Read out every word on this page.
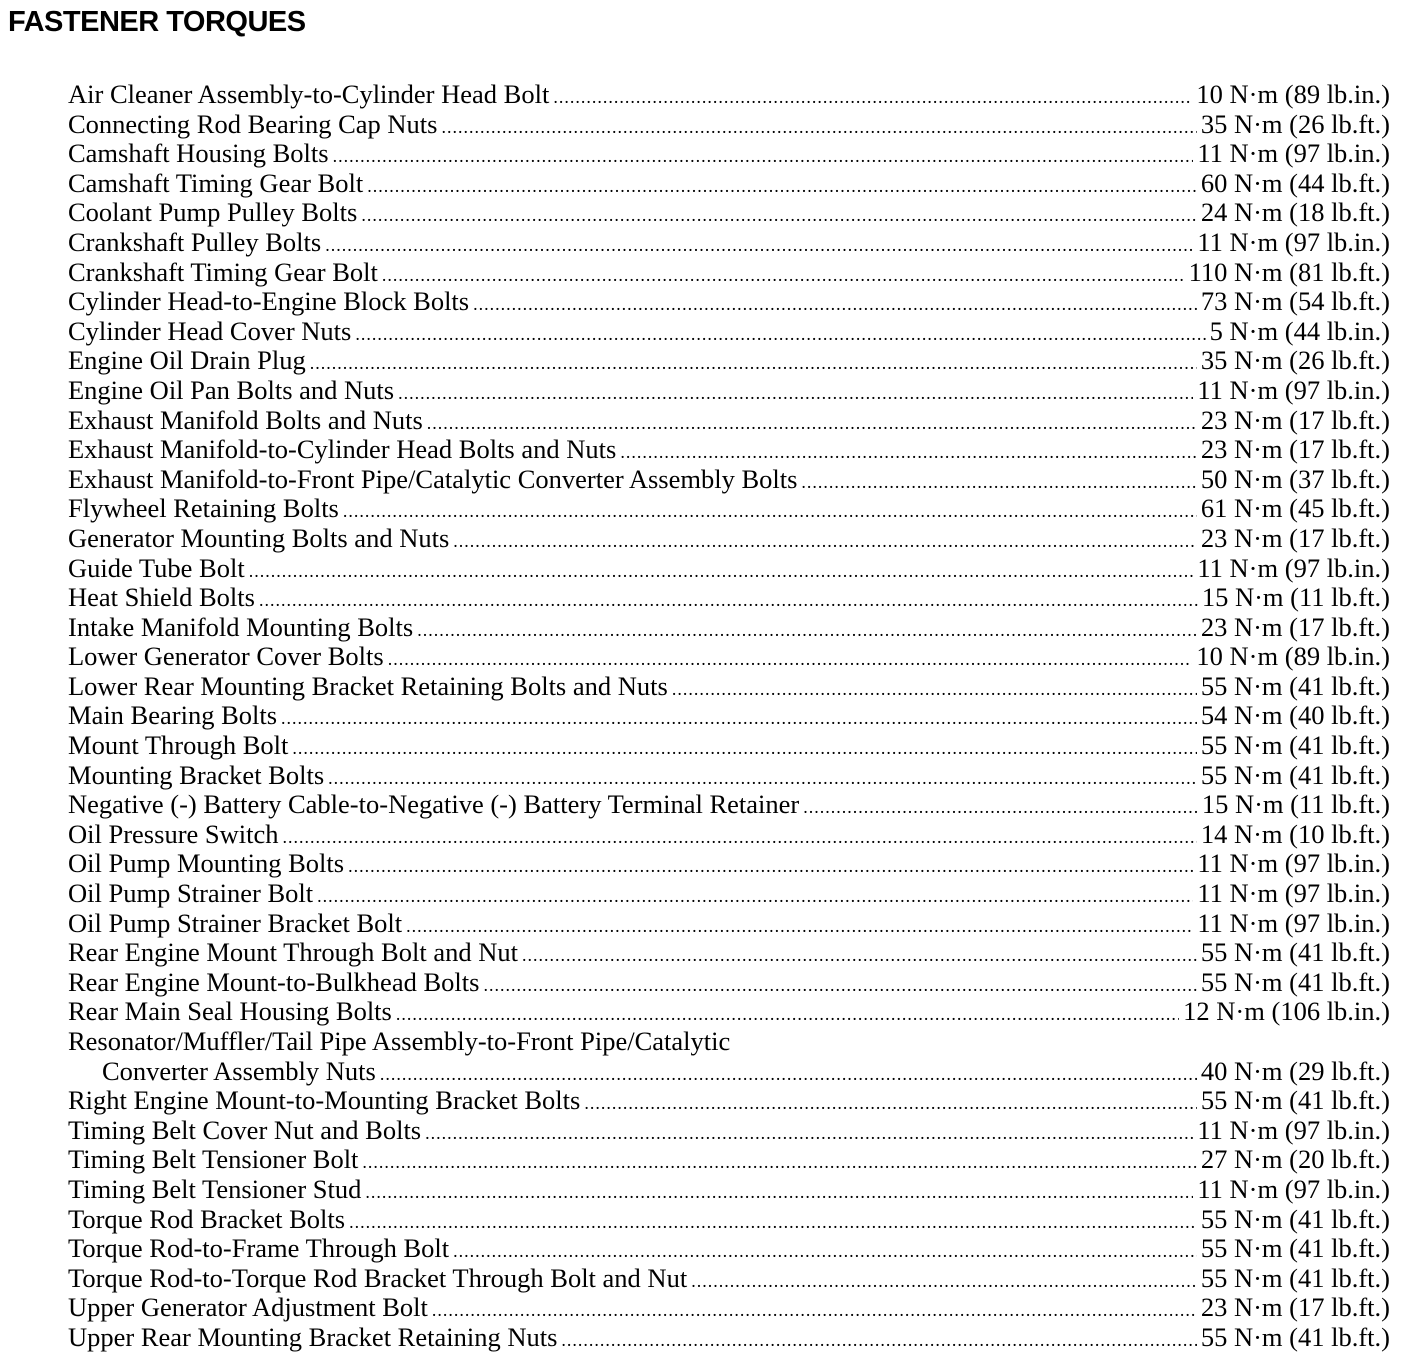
FASTENER TORQUES
Air Cleaner Assembly-to-Cylinder Head Bolt .....	10 N·m (89 lb.in.)
Connecting Rod Bearing Cap Nuts .....	35 N·m (26 lb.ft.)
Camshaft Housing Bolts .....	11 N·m (97 lb.in.)
Camshaft Timing Gear Bolt .....	60 N·m (44 lb.ft.)
Coolant Pump Pulley Bolts .....	24 N·m (18 lb.ft.)
Crankshaft Pulley Bolts .....	11 N·m (97 lb.in.)
Crankshaft Timing Gear Bolt .....	110 N·m (81 lb.ft.)
Cylinder Head-to-Engine Block Bolts .....	73 N·m (54 lb.ft.)
Cylinder Head Cover Nuts .....	5 N·m (44 lb.in.)
Engine Oil Drain Plug .....	35 N·m (26 lb.ft.)
Engine Oil Pan Bolts and Nuts .....	11 N·m (97 lb.in.)
Exhaust Manifold Bolts and Nuts .....	23 N·m (17 lb.ft.)
Exhaust Manifold-to-Cylinder Head Bolts and Nuts .....	23 N·m (17 lb.ft.)
Exhaust Manifold-to-Front Pipe/Catalytic Converter Assembly Bolts .....	50 N·m (37 lb.ft.)
Flywheel Retaining Bolts .....	61 N·m (45 lb.ft.)
Generator Mounting Bolts and Nuts .....	23 N·m (17 lb.ft.)
Guide Tube Bolt .....	11 N·m (97 lb.in.)
Heat Shield Bolts .....	15 N·m (11 lb.ft.)
Intake Manifold Mounting Bolts .....	23 N·m (17 lb.ft.)
Lower Generator Cover Bolts .....	10 N·m (89 lb.in.)
Lower Rear Mounting Bracket Retaining Bolts and Nuts .....	55 N·m (41 lb.ft.)
Main Bearing Bolts .....	54 N·m (40 lb.ft.)
Mount Through Bolt .....	55 N·m (41 lb.ft.)
Mounting Bracket Bolts .....	55 N·m (41 lb.ft.)
Negative (-) Battery Cable-to-Negative (-) Battery Terminal Retainer .....	15 N·m (11 lb.ft.)
Oil Pressure Switch .....	14 N·m (10 lb.ft.)
Oil Pump Mounting Bolts .....	11 N·m (97 lb.in.)
Oil Pump Strainer Bolt .....	11 N·m (97 lb.in.)
Oil Pump Strainer Bracket Bolt .....	11 N·m (97 lb.in.)
Rear Engine Mount Through Bolt and Nut .....	55 N·m (41 lb.ft.)
Rear Engine Mount-to-Bulkhead Bolts .....	55 N·m (41 lb.ft.)
Rear Main Seal Housing Bolts .....	12 N·m (106 lb.in.)
Resonator/Muffler/Tail Pipe Assembly-to-Front Pipe/Catalytic
Converter Assembly Nuts .....	40 N·m (29 lb.ft.)
Right Engine Mount-to-Mounting Bracket Bolts .....	55 N·m (41 lb.ft.)
Timing Belt Cover Nut and Bolts .....	11 N·m (97 lb.in.)
Timing Belt Tensioner Bolt .....	27 N·m (20 lb.ft.)
Timing Belt Tensioner Stud .....	11 N·m (97 lb.in.)
Torque Rod Bracket Bolts .....	55 N·m (41 lb.ft.)
Torque Rod-to-Frame Through Bolt .....	55 N·m (41 lb.ft.)
Torque Rod-to-Torque Rod Bracket Through Bolt and Nut .....	55 N·m (41 lb.ft.)
Upper Generator Adjustment Bolt .....	23 N·m (17 lb.ft.)
Upper Rear Mounting Bracket Retaining Nuts .....	55 N·m (41 lb.ft.)
